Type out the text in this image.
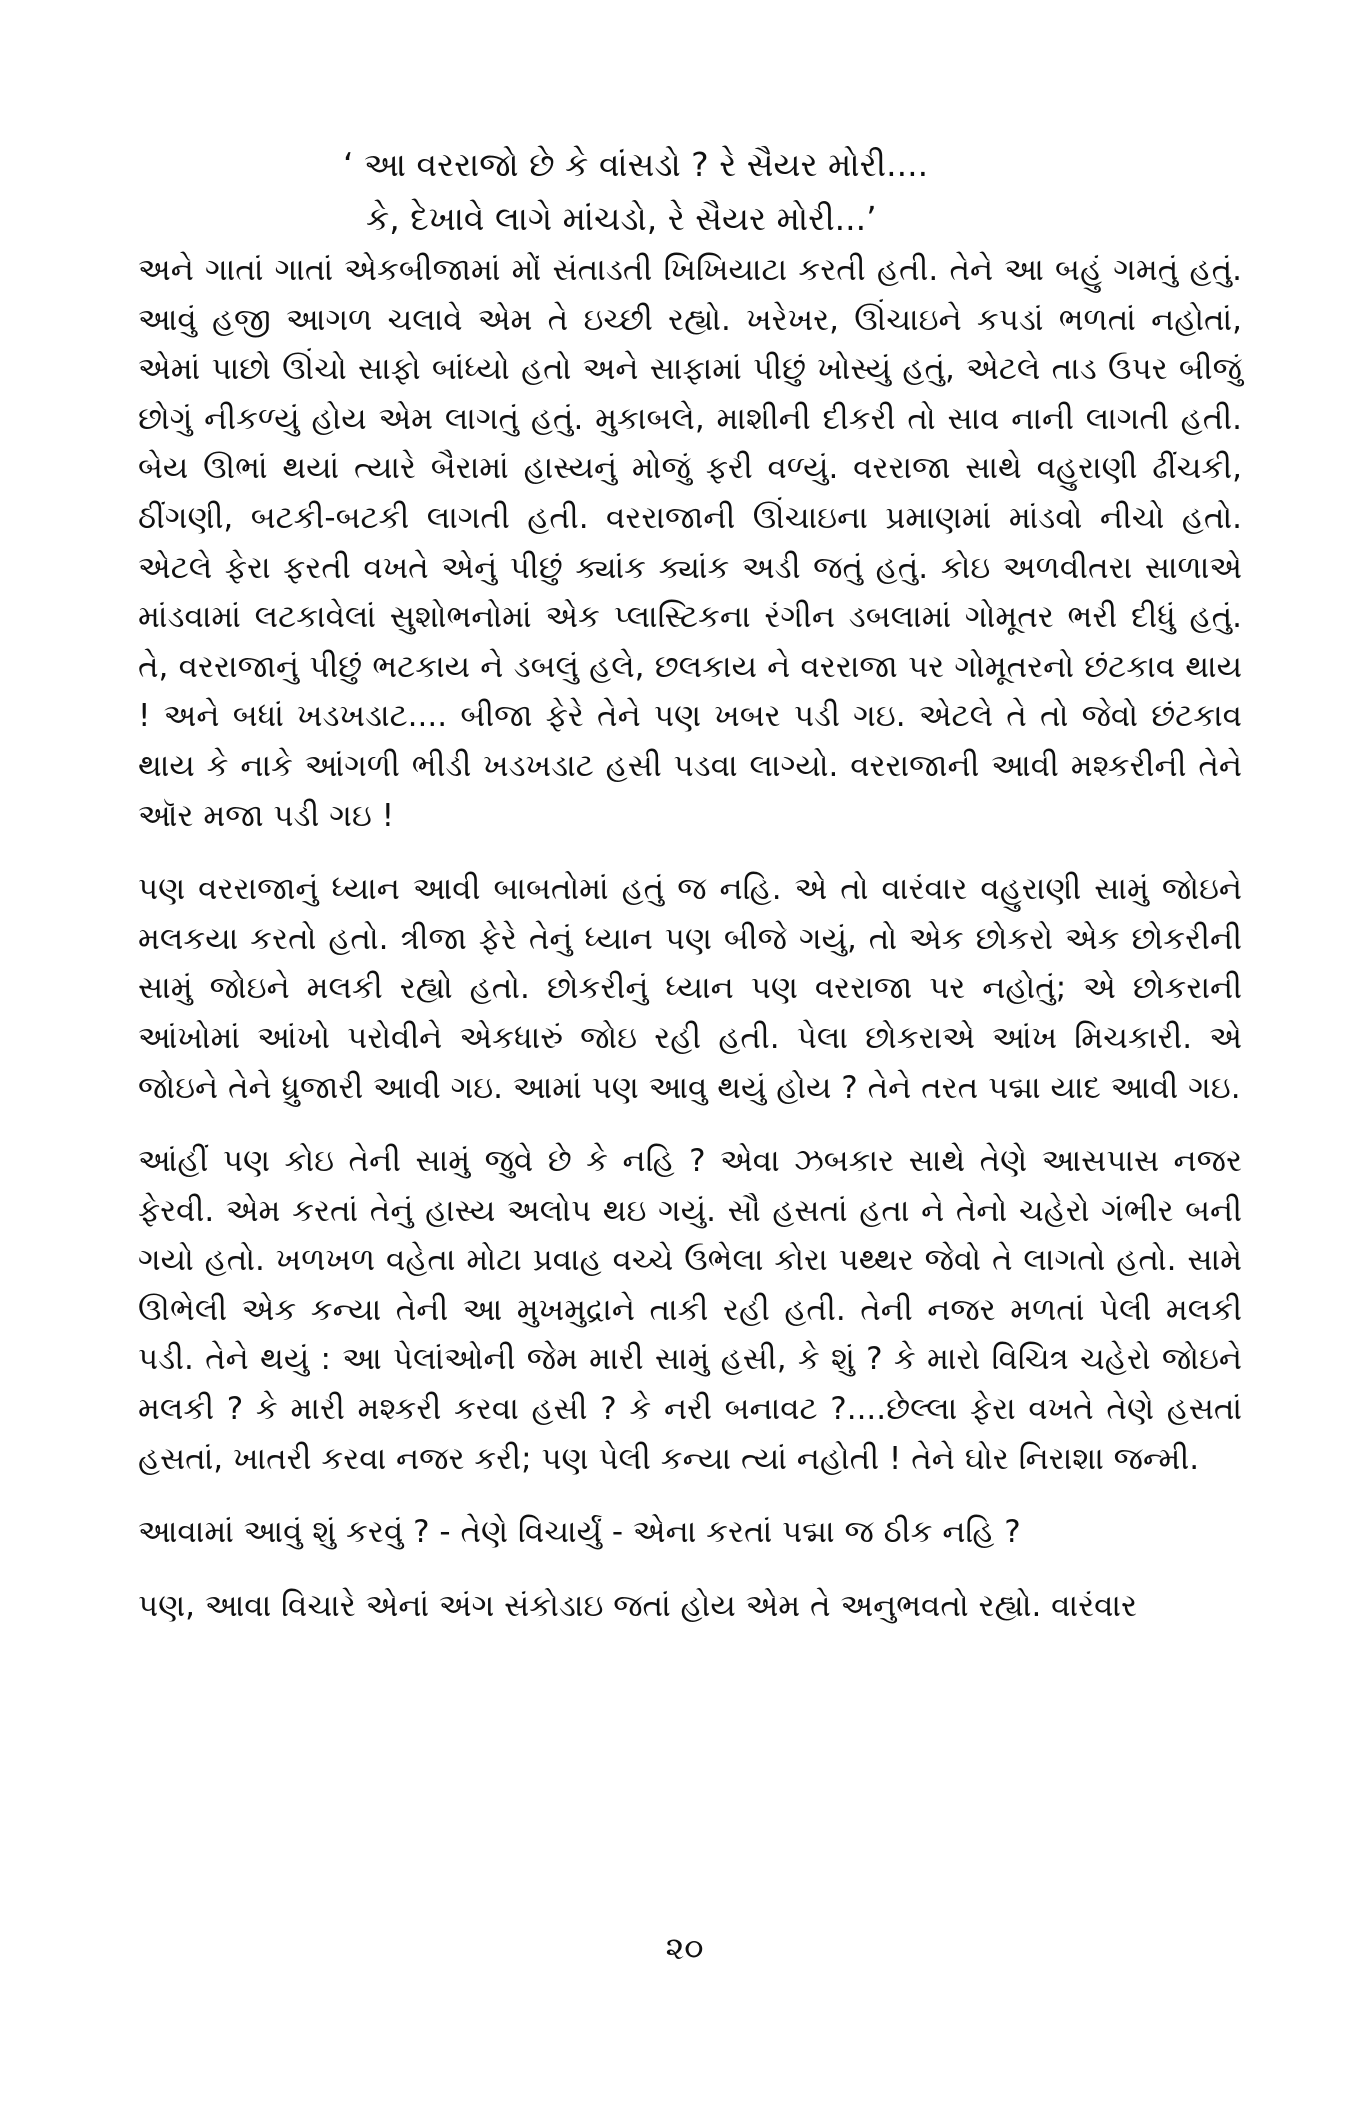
‘ આ વરરાજો છે કે વાંસડો ? રે સૈયર મોરી....
કે, દેખાવે લાગે માંચડો, રે સૈયર મોરી...’

અને ગાતાં ગાતાં એકબીજામાં મોં સંતાડતી ખિખિયાટા કરતી હતી. તેને આ બહું ગમતું હતું. આવું હજી આગળ ચલાવે એમ તે ઇચ્છી રહ્યો. ખરેખર, ઊંચાઇને કપડાં ભળતાં નહોતાં, એમાં પાછો ઊંચો સાફો બાંધ્યો હતો અને સાફામાં પીછું ખોસ્યું હતું, એટલે તાડ ઉપર બીજું છોગું નીકળ્યું હોય એમ લાગતું હતું. મુકાબલે, માશીની દીકરી તો સાવ નાની લાગતી હતી. બેય ઊભાં થયાં ત્યારે બૈરામાં હાસ્યનું મોજું ફરી વળ્યું. વરરાજા સાથે વહુરાણી ઢીંચકી, ઠીંગણી, બટકી-બટકી લાગતી હતી. વરરાજાની ઊંચાઇના પ્રમાણમાં માંડવો નીચો હતો. એટલે ફેરા ફરતી વખતે એનું પીછું ક્યાંક ક્યાંક અડી જતું હતું. કોઇ અળવીતરા સાળાએ માંડવામાં લટકાવેલાં સુશોભનોમાં એક પ્લાસ્ટિકના રંગીન ડબલામાં ગોમૂતર ભરી દીધું હતું. તે, વરરાજાનું પીછું ભટકાય ને ડબલું હલે, છલકાય ને વરરાજા પર ગોમૂતરનો છંટકાવ થાય ! અને બધાં ખડખડાટ.... બીજા ફેરે તેને પણ ખબર પડી ગઇ. એટલે તે તો જેવો છંટકાવ થાય કે નાકે આંગળી ભીડી ખડખડાટ હસી પડવા લાગ્યો. વરરાજાની આવી મશ્કરીની તેને ઑર મજા પડી ગઇ !

પણ વરરાજાનું ધ્યાન આવી બાબતોમાં હતું જ નહિ. એ તો વારંવાર વહુરાણી સામું જોઇને મલકયા કરતો હતો. ત્રીજા ફેરે તેનું ધ્યાન પણ બીજે ગયું, તો એક છોકરો એક છોકરીની સામું જોઇને મલકી રહ્યો હતો. છોકરીનું ધ્યાન પણ વરરાજા પર નહોતું; એ છોકરાની આંખોમાં આંખો પરોવીને એકધારું જોઇ રહી હતી. પેલા છોકરાએ આંખ મિચકારી. એ જોઇને તેને ધ્રુજારી આવી ગઇ. આમાં પણ આવુ થયું હોય ? તેને તરત પદ્મા યાદ આવી ગઇ.

આંહીં પણ કોઇ તેની સામું જુવે છે કે નહિ ? એવા ઝબકાર સાથે તેણે આસપાસ નજર ફેરવી. એમ કરતાં તેનું હાસ્ય અલોપ થઇ ગયું. સૌ હસતાં હતા ને તેનો ચહેરો ગંભીર બની ગયો હતો. ખળખળ વહેતા મોટા પ્રવાહ વચ્ચે ઉભેલા કોરા પથ્થર જેવો તે લાગતો હતો. સામે ઊભેલી એક કન્યા તેની આ મુખમુદ્રાને તાકી રહી હતી. તેની નજર મળતાં પેલી મલકી પડી. તેને થયું : આ પેલાંઓની જેમ મારી સામું હસી, કે શું ? કે મારો વિચિત્ર ચહેરો જોઇને મલકી ? કે મારી મશ્કરી કરવા હસી ? કે નરી બનાવટ ?....છેલ્લા ફેરા વખતે તેણે હસતાં હસતાં, ખાતરી કરવા નજર કરી; પણ પેલી કન્યા ત્યાં નહોતી ! તેને ઘોર નિરાશા જન્મી.

આવામાં આવું શું કરવું ? - તેણે વિચાર્યું - એના કરતાં પદ્મા જ ઠીક નહિ ?

પણ, આવા વિચારે એનાં અંગ સંકોડાઇ જતાં હોય એમ તે અનુભવતો રહ્યો. વારંવાર

૨૦
